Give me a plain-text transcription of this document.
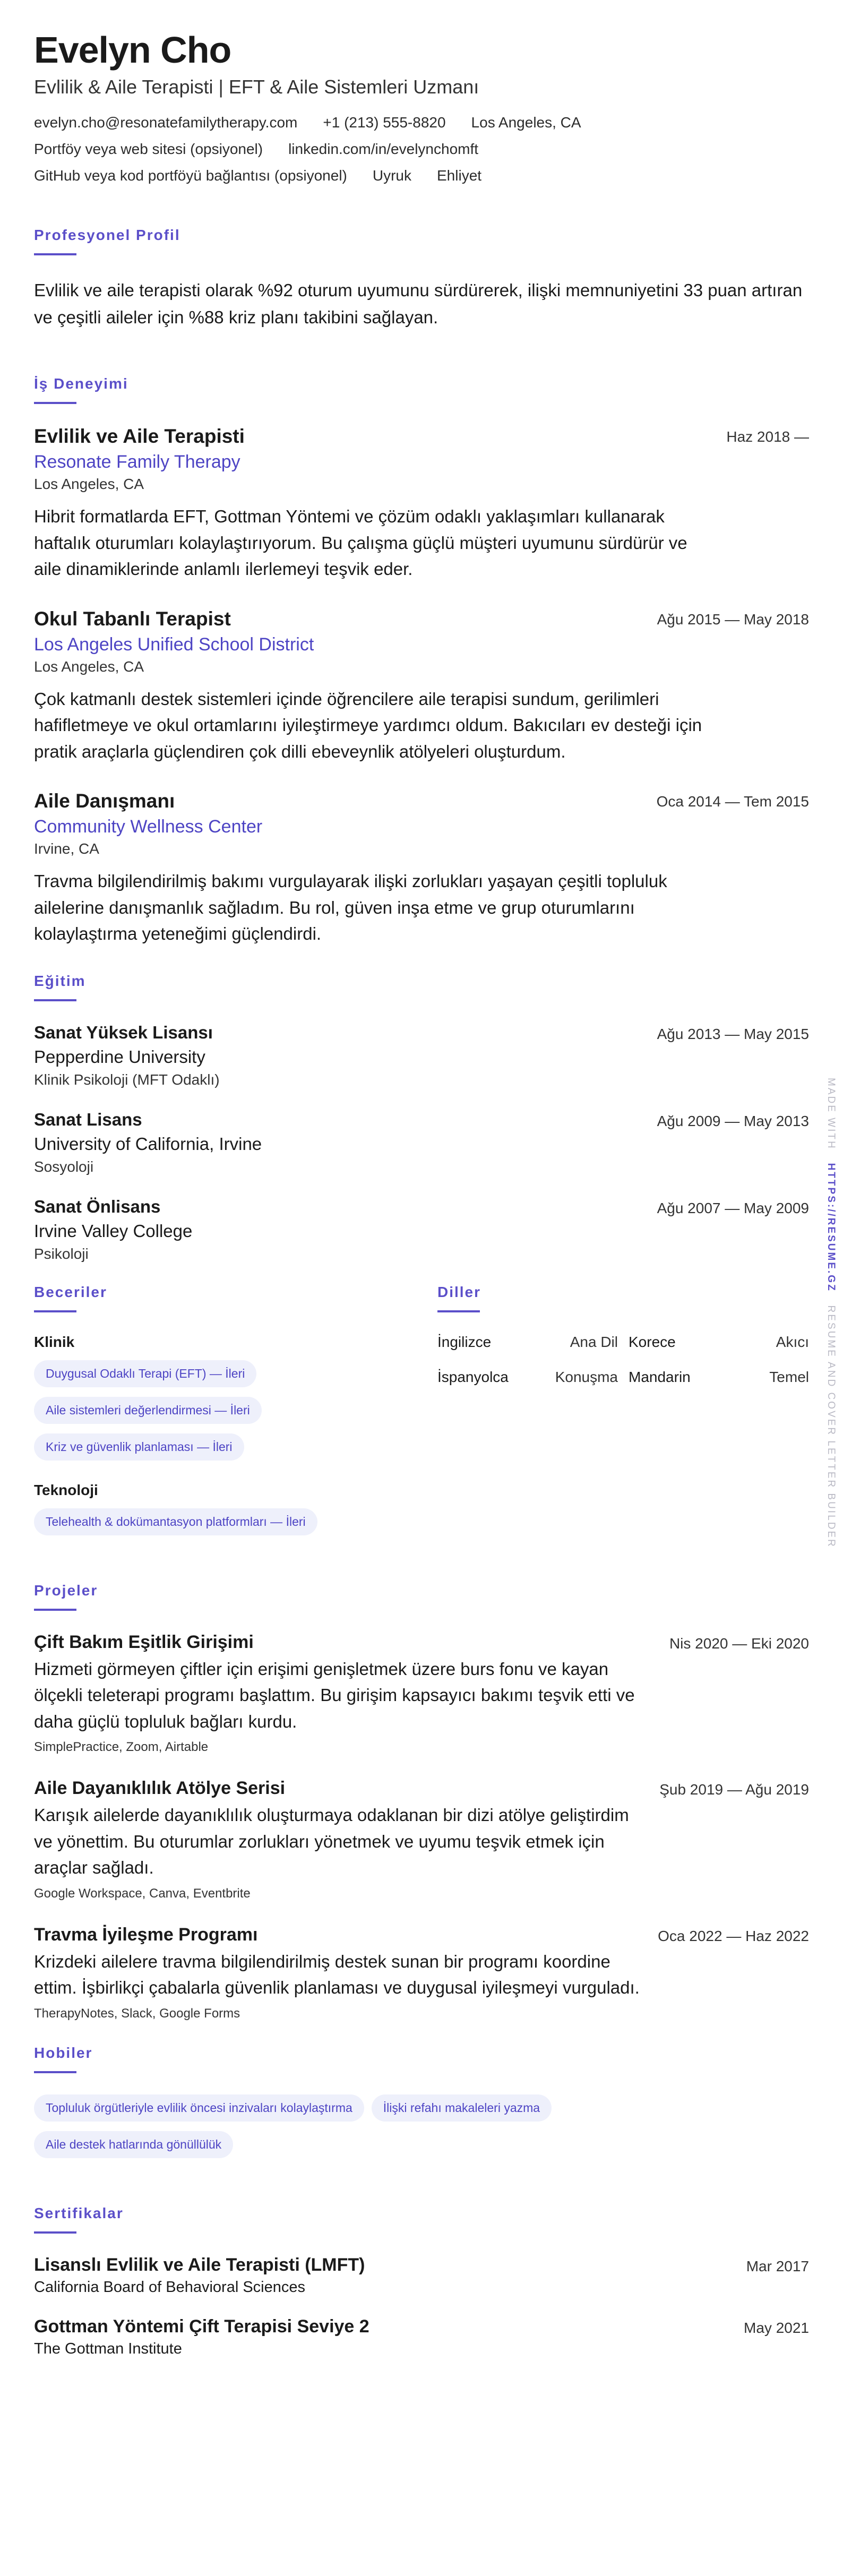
Evelyn Cho
Evlilik & Aile Terapisti | EFT & Aile Sistemleri Uzmanı
evelyn.cho@resonatefamilytherapy.com +1 (213) 555-8820 Los Angeles, CA
Portföy veya web sitesi (opsiyonel) linkedin.com/in/evelynchomft
GitHub veya kod portföyü bağlantısı (opsiyonel) Uyruk Ehliyet
Profesyonel Profil
Evlilik ve aile terapisti olarak %92 oturum uyumunu sürdürerek, ilişki memnuniyetini 33 puan artıran ve çeşitli aileler için %88 kriz planı takibini sağlayan.
İş Deneyimi
Evlilik ve Aile Terapisti	Haz 2018 —
Resonate Family Therapy
Los Angeles, CA
Hibrit formatlarda EFT, Gottman Yöntemi ve çözüm odaklı yaklaşımları kullanarak haftalık oturumları kolaylaştırıyorum. Bu çalışma güçlü müşteri uyumunu sürdürür ve aile dinamiklerinde anlamlı ilerlemeyi teşvik eder.
Okul Tabanlı Terapist	Ağu 2015 — May 2018
Los Angeles Unified School District
Los Angeles, CA
Çok katmanlı destek sistemleri içinde öğrencilere aile terapisi sundum, gerilimleri hafifletmeye ve okul ortamlarını iyileştirmeye yardımcı oldum. Bakıcıları ev desteği için pratik araçlarla güçlendiren çok dilli ebeveynlik atölyeleri oluşturdum.
Aile Danışmanı	Oca 2014 — Tem 2015
Community Wellness Center
Irvine, CA
Travma bilgilendirilmiş bakımı vurgulayarak ilişki zorlukları yaşayan çeşitli topluluk ailelerine danışmanlık sağladım. Bu rol, güven inşa etme ve grup oturumlarını kolaylaştırma yeteneğimi güçlendirdi.
Eğitim
Sanat Yüksek Lisansı	Ağu 2013 — May 2015
Pepperdine University
Klinik Psikoloji (MFT Odaklı)
Sanat Lisans	Ağu 2009 — May 2013
University of California, Irvine
Sosyoloji
Sanat Önlisans	Ağu 2007 — May 2009
Irvine Valley College
Psikoloji
Beceriler
Klinik
Duygusal Odaklı Terapi (EFT) — İleri
Aile sistemleri değerlendirmesi — İleri
Kriz ve güvenlik planlaması — İleri
Teknoloji
Telehealth & dokümantasyon platformları — İleri
Diller
İngilizce	Ana Dil Korece	Akıcı
İspanyolca	Konuşma Mandarin	Temel
Projeler
Çift Bakım Eşitlik Girişimi	Nis 2020 — Eki 2020
Hizmeti görmeyen çiftler için erişimi genişletmek üzere burs fonu ve kayan ölçekli teleterapi programı başlattım. Bu girişim kapsayıcı bakımı teşvik etti ve daha güçlü topluluk bağları kurdu.
SimplePractice, Zoom, Airtable
Aile Dayanıklılık Atölye Serisi	Şub 2019 — Ağu 2019
Karışık ailelerde dayanıklılık oluşturmaya odaklanan bir dizi atölye geliştirdim ve yönettim. Bu oturumlar zorlukları yönetmek ve uyumu teşvik etmek için araçlar sağladı.
Google Workspace, Canva, Eventbrite
Travma İyileşme Programı	Oca 2022 — Haz 2022
Krizdeki ailelere travma bilgilendirilmiş destek sunan bir programı koordine ettim. İşbirlikçi çabalarla güvenlik planlaması ve duygusal iyileşmeyi vurguladı.
TherapyNotes, Slack, Google Forms
Hobiler
Topluluk örgütleriyle evlilik öncesi inzivaları kolaylaştırma	İlişki refahı makaleleri yazma
Aile destek hatlarında gönüllülük
Sertifikalar
Lisanslı Evlilik ve Aile Terapisti (LMFT)	Mar 2017
California Board of Behavioral Sciences
Gottman Yöntemi Çift Terapisi Seviye 2	May 2021
The Gottman Institute
MADE WITH   HTTPS://RESUME.GZ   RESUME AND COVER LETTER BUILDER
